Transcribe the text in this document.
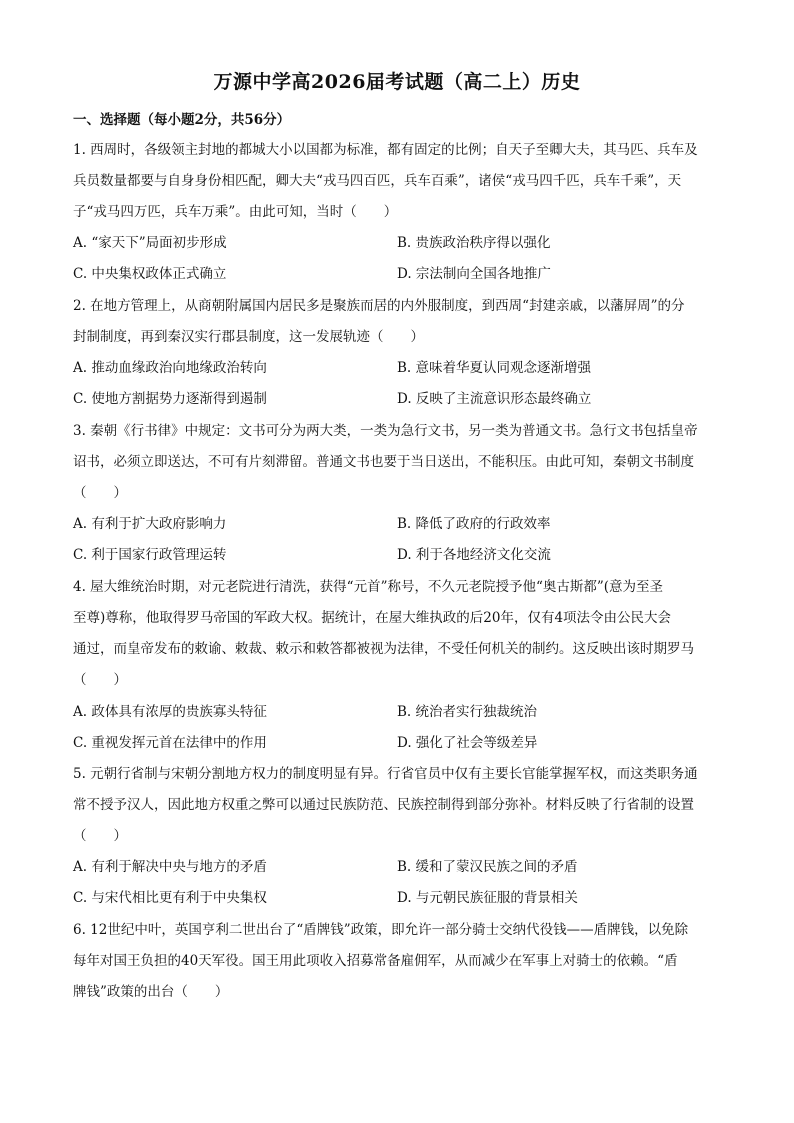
万源中学高2026届考试题（高二上）历史
一、选择题（每小题2分，共56分）
1. 西周时，各级领主封地的都城大小以国都为标准，都有固定的比例；自天子至卿大夫，其马匹、兵车及
兵员数量都要与自身身份相匹配，卿大夫“戎马四百匹，兵车百乘”，诸侯“戎马四千匹，兵车千乘”，天
子“戎马四万匹，兵车万乘”。由此可知，当时（　　）
A. “家天下”局面初步形成	B. 贵族政治秩序得以强化
C. 中央集权政体正式确立	D. 宗法制向全国各地推广
2. 在地方管理上，从商朝附属国内居民多是聚族而居的内外服制度，到西周“封建亲戚，以藩屏周”的分
封制制度，再到秦汉实行郡县制度，这一发展轨迹（　　）
A. 推动血缘政治向地缘政治转向	B. 意味着华夏认同观念逐渐增强
C. 使地方割据势力逐渐得到遏制	D. 反映了主流意识形态最终确立
3. 秦朝《行书律》中规定：文书可分为两大类，一类为急行文书，另一类为普通文书。急行文书包括皇帝
诏书，必须立即送达，不可有片刻滞留。普通文书也要于当日送出，不能积压。由此可知，秦朝文书制度
（　　）
A. 有利于扩大政府影响力	B. 降低了政府的行政效率
C. 利于国家行政管理运转	D. 利于各地经济文化交流
4. 屋大维统治时期，对元老院进行清洗，获得“元首”称号，不久元老院授予他“奥古斯都”(意为至圣
至尊)尊称，他取得罗马帝国的军政大权。据统计，在屋大维执政的后20年，仅有4项法令由公民大会
通过，而皇帝发布的敕谕、敕裁、敕示和敕答都被视为法律，不受任何机关的制约。这反映出该时期罗马
（　　）
A. 政体具有浓厚的贵族寡头特征	B. 统治者实行独裁统治
C. 重视发挥元首在法律中的作用	D. 强化了社会等级差异
5. 元朝行省制与宋朝分割地方权力的制度明显有异。行省官员中仅有主要长官能掌握军权，而这类职务通
常不授予汉人，因此地方权重之弊可以通过民族防范、民族控制得到部分弥补。材料反映了行省制的设置
（　　）
A. 有利于解决中央与地方的矛盾	B. 缓和了蒙汉民族之间的矛盾
C. 与宋代相比更有利于中央集权	D. 与元朝民族征服的背景相关
6. 12世纪中叶，英国亨利二世出台了“盾牌钱”政策，即允许一部分骑士交纳代役钱——盾牌钱，以免除
每年对国王负担的40天军役。国王用此项收入招募常备雇佣军，从而减少在军事上对骑士的依赖。“盾
牌钱”政策的出台（　　）
